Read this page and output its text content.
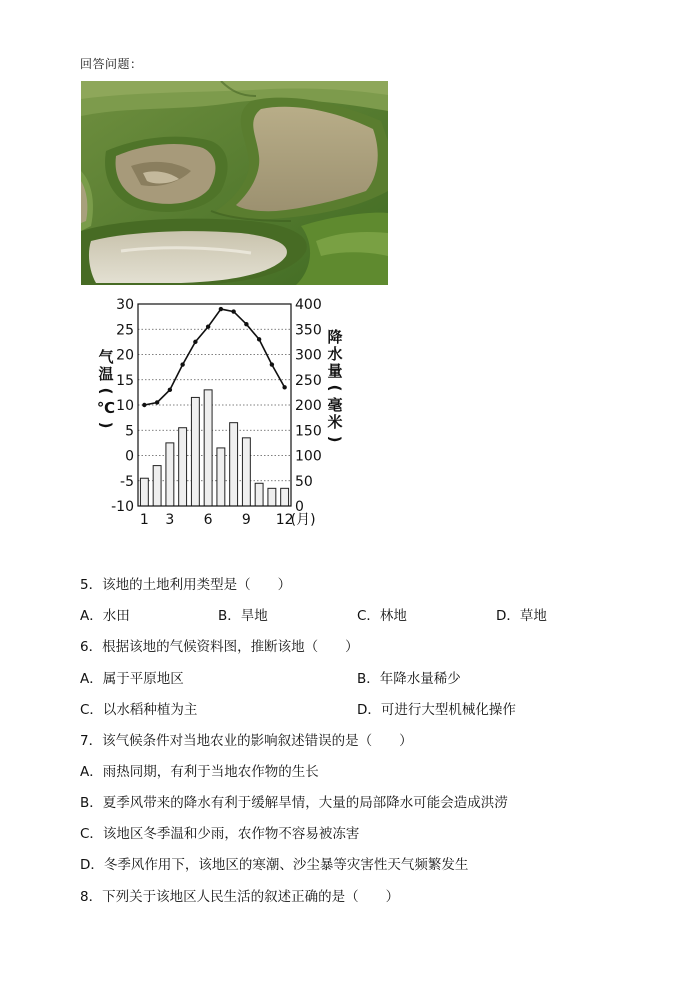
回答问题：
30
25
20
15
10
5
0
-5
-10
400
350
300
250
200
150
100
50
0
1 3 6 9 12
(月)
气
温
(
℃
)
降
水
量
(
毫
米
)
5．该地的土地利用类型是（　　）
A．水田	B．旱地	C．林地	D．草地
6．根据该地的气候资料图，推断该地（　　）
A．属于平原地区	B．年降水量稀少
C．以水稻种植为主	D．可进行大型机械化操作
7．该气候条件对当地农业的影响叙述错误的是（　　）
A．雨热同期，有利于当地农作物的生长
B．夏季风带来的降水有利于缓解旱情，大量的局部降水可能会造成洪涝
C．该地区冬季温和少雨，农作物不容易被冻害
D．冬季风作用下，该地区的寒潮、沙尘暴等灾害性天气频繁发生
8．下列关于该地区人民生活的叙述正确的是（　　）
